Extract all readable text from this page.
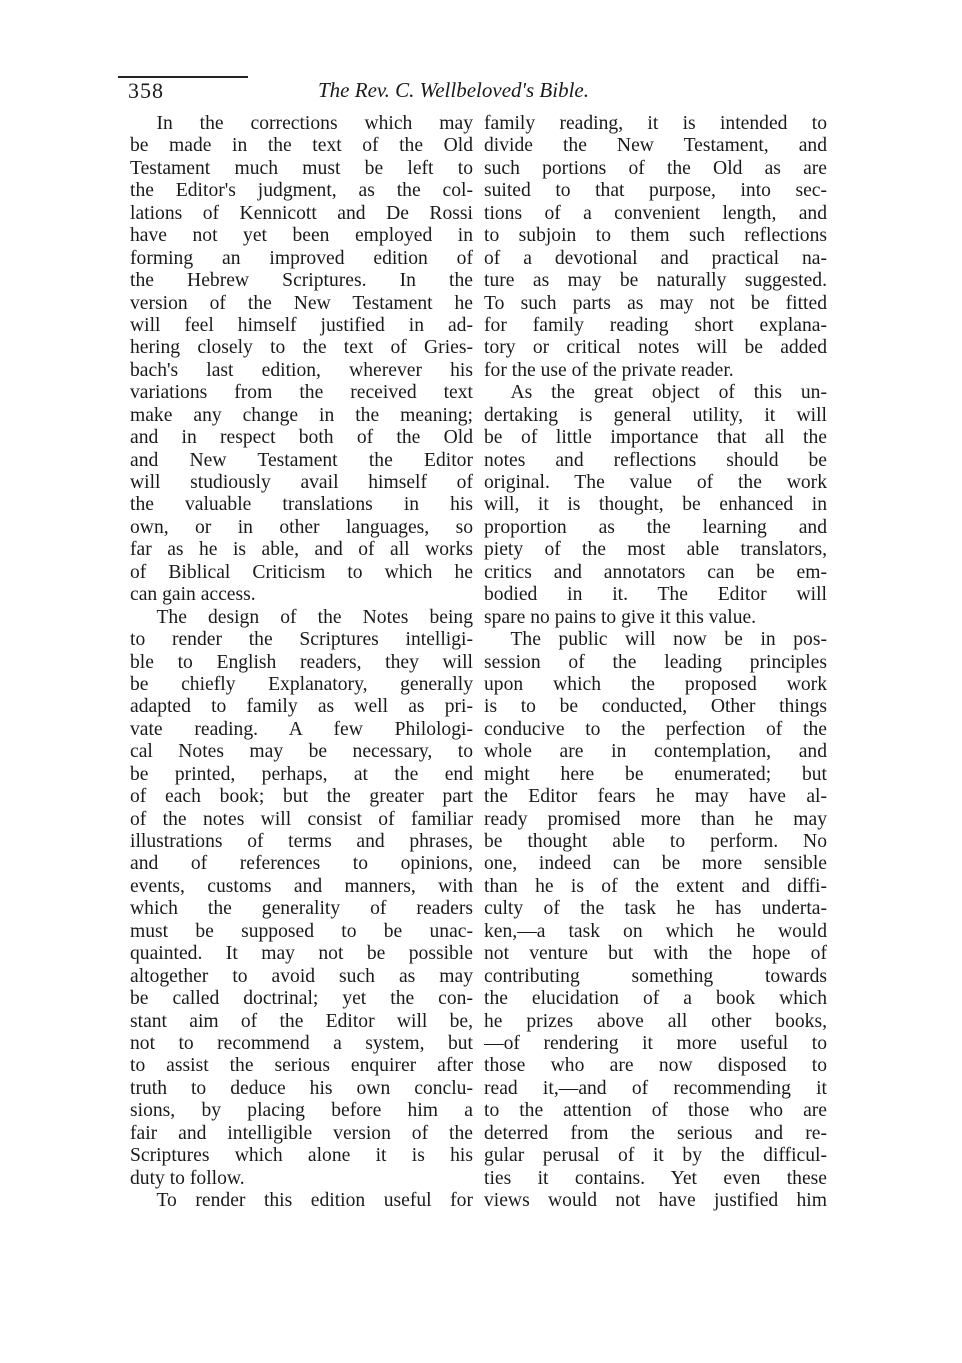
358	The Rev. C. Wellbeloved's Bible.
In the corrections which may
be made in the text of the Old
Testament much must be left to
the Editor's judgment, as the col-
lations of Kennicott and De Rossi
have not yet been employed in
forming an improved edition of
the Hebrew Scriptures. In the
version of the New Testament he
will feel himself justified in ad-
hering closely to the text of Gries-
bach's last edition, wherever his
variations from the received text
make any change in the meaning;
and in respect both of the Old
and New Testament the Editor
will studiously avail himself of
the valuable translations in his
own, or in other languages, so
far as he is able, and of all works
of Biblical Criticism to which he
can gain access.
The design of the Notes being
to render the Scriptures intelligi-
ble to English readers, they will
be chiefly Explanatory, generally
adapted to family as well as pri-
vate reading. A few Philologi-
cal Notes may be necessary, to
be printed, perhaps, at the end
of each book; but the greater part
of the notes will consist of familiar
illustrations of terms and phrases,
and of references to opinions,
events, customs and manners, with
which the generality of readers
must be supposed to be unac-
quainted. It may not be possible
altogether to avoid such as may
be called doctrinal; yet the con-
stant aim of the Editor will be,
not to recommend a system, but
to assist the serious enquirer after
truth to deduce his own conclu-
sions, by placing before him a
fair and intelligible version of the
Scriptures which alone it is his
duty to follow.
To render this edition useful for
family reading, it is intended to
divide the New Testament, and
such portions of the Old as are
suited to that purpose, into sec-
tions of a convenient length, and
to subjoin to them such reflections
of a devotional and practical na-
ture as may be naturally suggested.
To such parts as may not be fitted
for family reading short explana-
tory or critical notes will be added
for the use of the private reader.
As the great object of this un-
dertaking is general utility, it will
be of little importance that all the
notes and reflections should be
original. The value of the work
will, it is thought, be enhanced in
proportion as the learning and
piety of the most able translators,
critics and annotators can be em-
bodied in it. The Editor will
spare no pains to give it this value.
The public will now be in pos-
session of the leading principles
upon which the proposed work
is to be conducted, Other things
conducive to the perfection of the
whole are in contemplation, and
might here be enumerated; but
the Editor fears he may have al-
ready promised more than he may
be thought able to perform. No
one, indeed can be more sensible
than he is of the extent and diffi-
culty of the task he has underta-
ken,—a task on which he would
not venture but with the hope of
contributing something towards
the elucidation of a book which
he prizes above all other books,
—of rendering it more useful to
those who are now disposed to
read it,—and of recommending it
to the attention of those who are
deterred from the serious and re-
gular perusal of it by the difficul-
ties it contains. Yet even these
views would not have justified him
